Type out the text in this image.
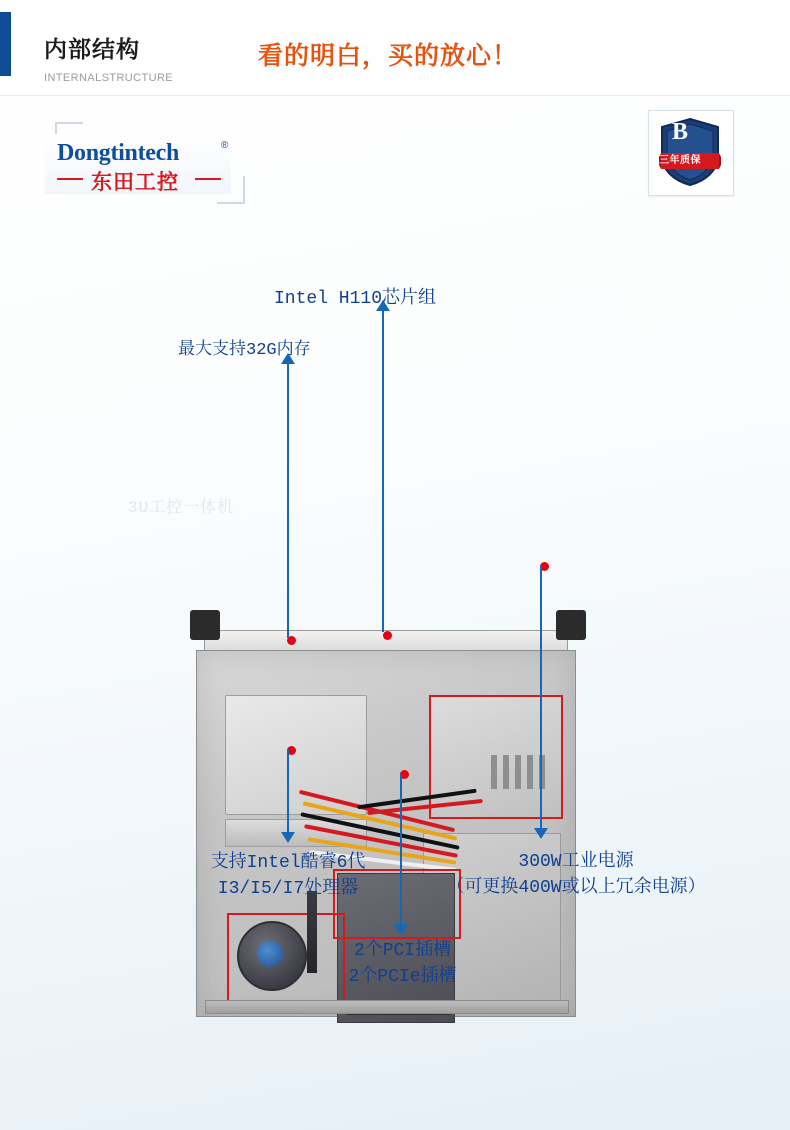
内部结构
INTERNALSTRUCTURE
看的明白，买的放心！
Dongtintech	®
东田工控
B
三年质保
3U工控一体机
Intel H110芯片组
最大支持32G内存
支持Intel酷睿6代
I3/I5/I7处理器
2个PCI插槽
2个PCIe插槽
300W工业电源
（可更换400W或以上冗余电源）
